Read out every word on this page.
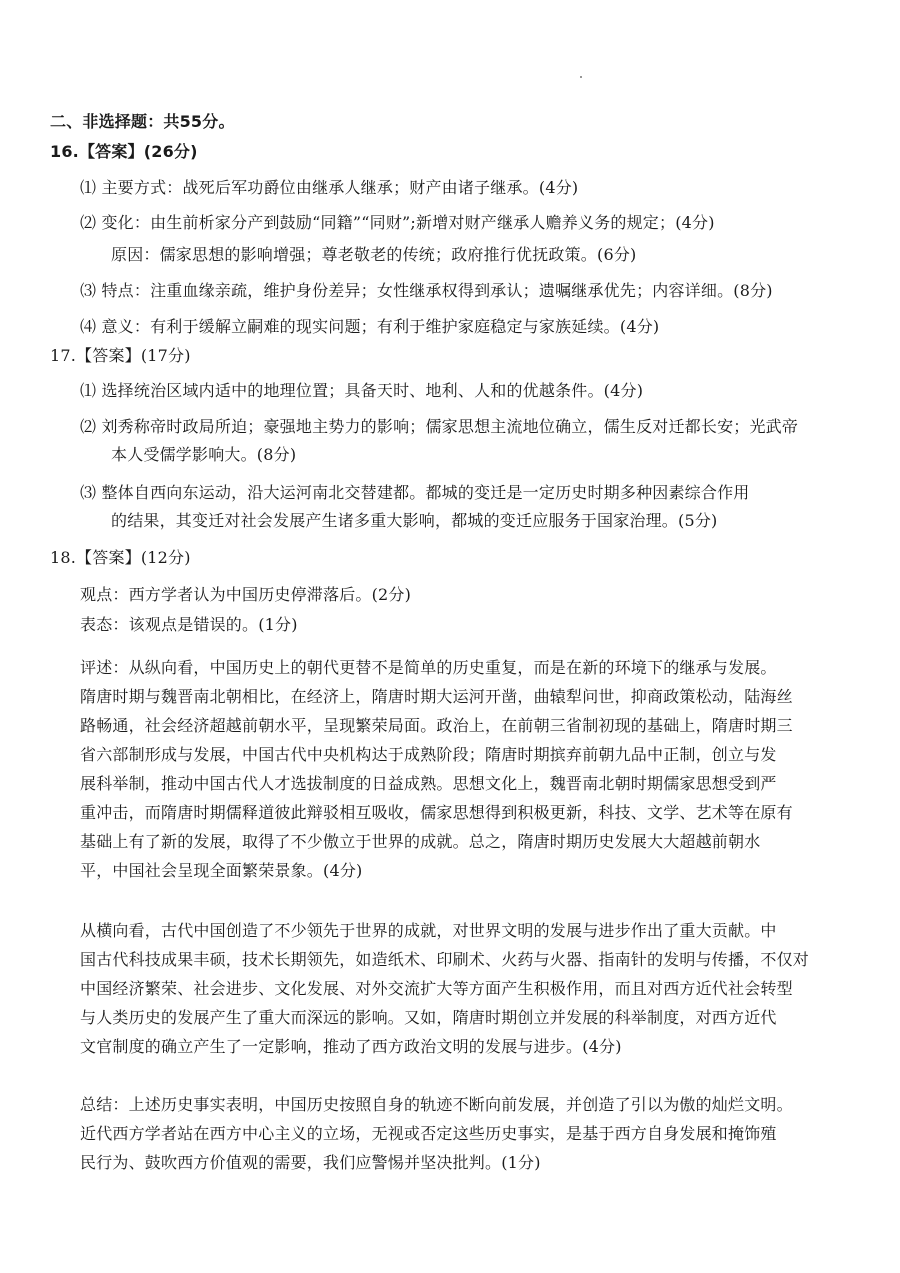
二、非选择题：共55分。
16.【答案】(26分)
⑴ 主要方式：战死后军功爵位由继承人继承；财产由诸子继承。(4分)
⑵ 变化：由生前析家分产到鼓励“同籍”“同财”;新增对财产继承人赡养义务的规定；(4分)
原因：儒家思想的影响增强；尊老敬老的传统；政府推行优抚政策。(6分)
⑶ 特点：注重血缘亲疏，维护身份差异；女性继承权得到承认；遗嘱继承优先；内容详细。(8分)
⑷ 意义：有利于缓解立嗣难的现实问题；有利于维护家庭稳定与家族延续。(4分)
17.【答案】(17分)
⑴ 选择统治区域内适中的地理位置；具备天时、地利、人和的优越条件。(4分)
⑵ 刘秀称帝时政局所迫；豪强地主势力的影响；儒家思想主流地位确立，儒生反对迁都长安；光武帝
本人受儒学影响大。(8分)
⑶ 整体自西向东运动，沿大运河南北交替建都。都城的变迁是一定历史时期多种因素综合作用
的结果，其变迁对社会发展产生诸多重大影响，都城的变迁应服务于国家治理。(5分)
18.【答案】(12分)
观点：西方学者认为中国历史停滞落后。(2分)
表态：该观点是错误的。(1分)
评述：从纵向看，中国历史上的朝代更替不是简单的历史重复，而是在新的环境下的继承与发展。
隋唐时期与魏晋南北朝相比，在经济上，隋唐时期大运河开凿，曲辕犁问世，抑商政策松动，陆海丝
路畅通，社会经济超越前朝水平，呈现繁荣局面。政治上，在前朝三省制初现的基础上，隋唐时期三
省六部制形成与发展，中国古代中央机构达于成熟阶段；隋唐时期摈弃前朝九品中正制，创立与发
展科举制，推动中国古代人才选拔制度的日益成熟。思想文化上，魏晋南北朝时期儒家思想受到严
重冲击，而隋唐时期儒释道彼此辩驳相互吸收，儒家思想得到积极更新，科技、文学、艺术等在原有
基础上有了新的发展，取得了不少傲立于世界的成就。总之，隋唐时期历史发展大大超越前朝水
平，中国社会呈现全面繁荣景象。(4分)
从横向看，古代中国创造了不少领先于世界的成就，对世界文明的发展与进步作出了重大贡献。中
国古代科技成果丰硕，技术长期领先，如造纸术、印刷术、火药与火器、指南针的发明与传播，不仅对
中国经济繁荣、社会进步、文化发展、对外交流扩大等方面产生积极作用，而且对西方近代社会转型
与人类历史的发展产生了重大而深远的影响。又如，隋唐时期创立并发展的科举制度，对西方近代
文官制度的确立产生了一定影响，推动了西方政治文明的发展与进步。(4分)
总结：上述历史事实表明，中国历史按照自身的轨迹不断向前发展，并创造了引以为傲的灿烂文明。
近代西方学者站在西方中心主义的立场，无视或否定这些历史事实，是基于西方自身发展和掩饰殖
民行为、鼓吹西方价值观的需要，我们应警惕并坚决批判。(1分)
